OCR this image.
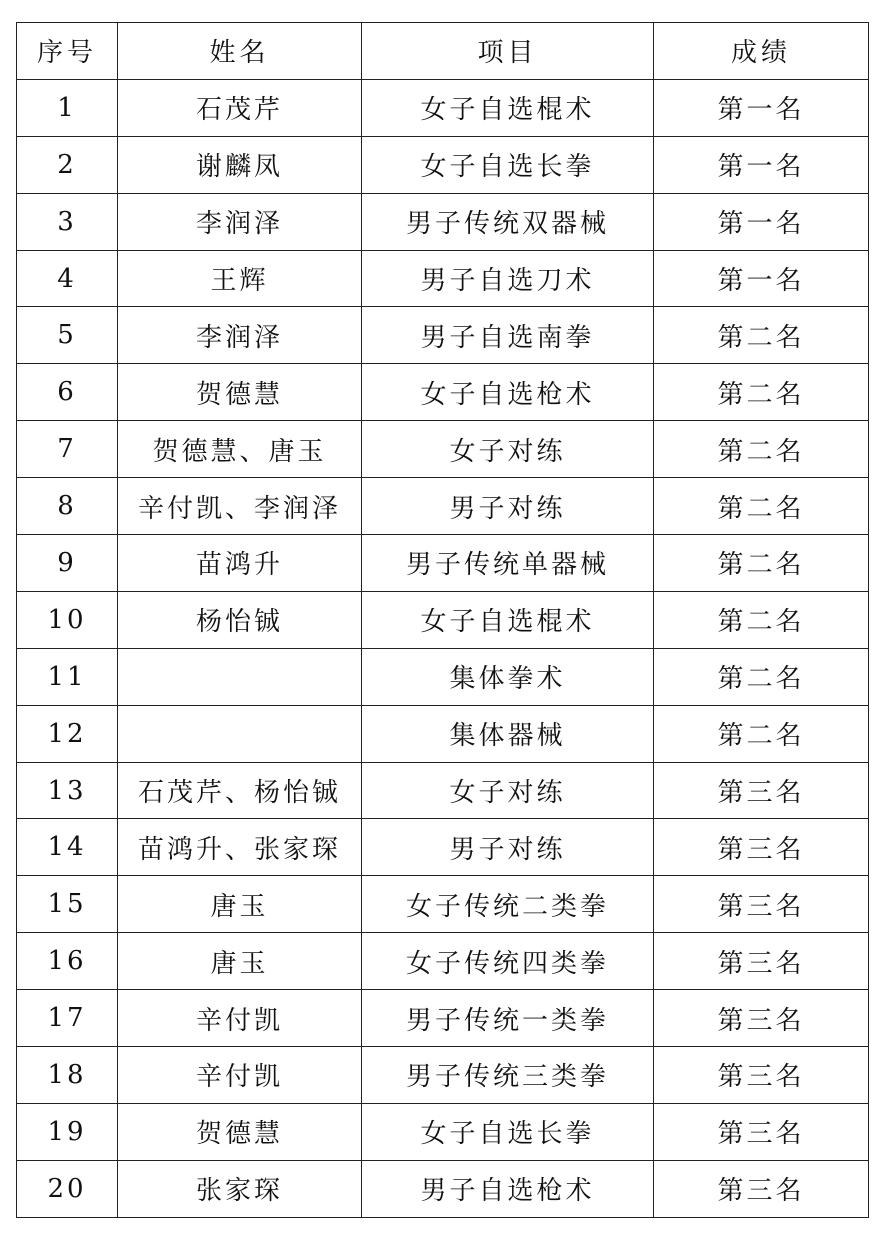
序号	姓名	项目	成绩
1	石茂芹	女子自选棍术	第一名
2	谢麟凤	女子自选长拳	第一名
3	李润泽	男子传统双器械	第一名
4	王辉	男子自选刀术	第一名
5	李润泽	男子自选南拳	第二名
6	贺德慧	女子自选枪术	第二名
7	贺德慧、唐玉	女子对练	第二名
8	辛付凯、李润泽	男子对练	第二名
9	苗鸿升	男子传统单器械	第二名
10	杨怡铖	女子自选棍术	第二名
11		集体拳术	第二名
12		集体器械	第二名
13	石茂芹、杨怡铖	女子对练	第三名
14	苗鸿升、张家琛	男子对练	第三名
15	唐玉	女子传统二类拳	第三名
16	唐玉	女子传统四类拳	第三名
17	辛付凯	男子传统一类拳	第三名
18	辛付凯	男子传统三类拳	第三名
19	贺德慧	女子自选长拳	第三名
20	张家琛	男子自选枪术	第三名
